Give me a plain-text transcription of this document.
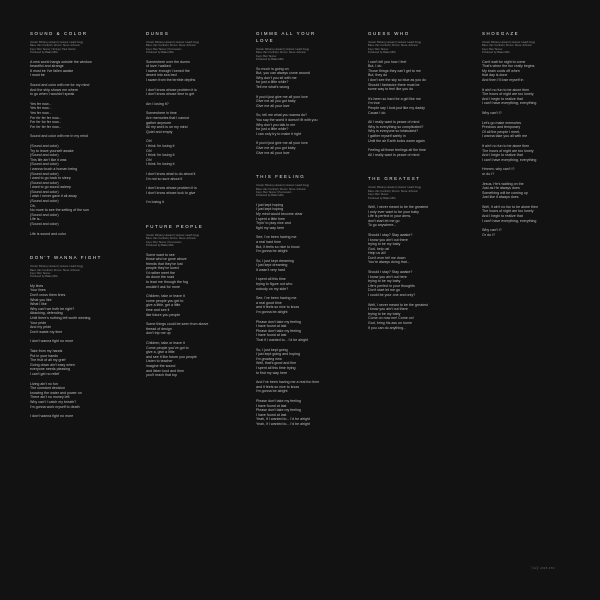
SOUND & COLOR
Vocals: Brittany Howard | Guitars: Heath Fogg
Bass: Zac Cockrell | Drums: Steve Johnson
Keys: Ben Tanner | Strings: Paul Horton
Produced by Blake Mills
A new world hangs outside the window
beautiful and strange
It must be I've fallen awake
I must be
Sound and color with me for my mind
And the ship shows me where
to go when I wouldn't speak
Yes fer now...
Yes fer now...
Yes fer now...
Fer fer fer fer now...
Fer fer for fer now...
Fer fer fer fer now...
Sound and color with me in my mind
(Sound and color)
Try to leave yourself awake
(Sound and color)
This life ain't like it was
(Sound and color)
I wanna touch a human being
(Sound and color)
I want to go back to sleep
(Sound and color)
I want to go sound asleep
(Sound and color)
I wish I never gave it all away
(Sound and color)
Oh,
No more to see the setting of the sun
(Sound and color)
Life is...
(Sound and color)
Life is sound and color
DON'T WANNA FIGHT
Vocals: Brittany Howard | Guitars: Heath Fogg
Bass: Zac Cockrell | Drums: Steve Johnson
Keys: Ben Tanner
Produced by Blake Mills
My lines
Your lines
Don't cross them lines
What you like
What I like
Why can't we both be right?
Attacking, defending
Until there's nothing left worth winning
Your pride
And my pride
Don't waste my time
I don't wanna fight no more
Take from my hands
Put in your hands
The fruit of all my grief
Going down ain't easy when
everyone needs pleasing
I can't get no relief
Living ain't no fun
The constant decision
knowing the water and power on
There ain't no money left
Why can't I catch my breath?
I'm gonna work myself to death
I don't wanna fight no more
DUNES
Vocals: Brittany Howard | Guitars: Heath Fogg
Bass: Zac Cockrell | Drums: Steve Johnson
Keys: Ben Tanner | Percussion
Produced by Blake Mills
Somewhere over the dunes
of love I walked
I swear enough I turned the
desert into sea bed
I swam from the terrible depths
I don't know whose problem it is
I don't know whose time to get
Am I losing it?
Somewhere in time
Are memories that I cannot
gather anymore
All my work is on my mind
Quiet and empty
Oh!
I think I'm losing it
Oh!
I think I'm losing it
Oh!
I think I'm losing it
I don't know what to do about it
I'm not so sure about it
I don't know whose problem it is
I don't know whose luck to give
I'm losing it
FUTURE PEOPLE
Vocals: Brittany Howard | Guitars: Heath Fogg
Bass: Zac Cockrell | Drums: Steve Johnson
Keys: Ben Tanner | Percussion
Produced by Blake Mills
Some want to see
those who've gone above
friends that they've lost
people they've loved
I'd rather meet the
do doom the road
to lead me through the fog
wouldn't ask for more
Children, take or leave it
come people you get to
give a little, get a little
time and see it
like future you people
Some things could be seen from above
thread of design
don't trip me up
Children, take or leave it
Come people you've got to
give a, give a little
and see it like future you people
Listen to teacher
imagine the sound
and listen loud and then
you'll reach that top
GIMME ALL YOUR LOVE
Vocals: Brittany Howard | Guitars: Heath Fogg
Bass: Zac Cockrell | Drums: Steve Johnson
Keys: Ben Tanner
Produced by Blake Mills
So much is going on
But, you can always come around
Why don't you sit with me
for just a little while?
Tell me what's wrong
If you'd just give me all your love
Give me all you got baby
Give me all your love
So, tell me what you wanna do?
You say the world it doesn't fit with you
Why don't you talk to me
for just a little while?
I can only try to make it right
If you'd just give me all your love
Give me all you got baby
Give me all your love
THIS FEELING
Vocals: Brittany Howard | Guitars: Heath Fogg
Bass: Zac Cockrell | Drums: Steve Johnson
Keys: Ben Tanner | Percussion
Produced by Blake Mills
I just kept hoping
I just kept hoping
My mind would become clear
I spent a little time
Tryin' to play nice and
fight my way here
See, I've been having me
a real hard time
But, it feels so nice to know
I'm gonna be alright
So, I just kept dreaming
I just kept dreaming
It wasn't very hard
I spent all this time
trying to figure out who
nobody on my side?
See, I've been having me
a real good time
and it feels so nice to know
I'm gonna be alright
Please don't take my feeling
I have found at last
Please don't take my feeling
I have found at last
That if I wanted to... I'd be alright
So, I just kept going
I just kept going and hoping
I'm growing new
Well, that's good and fine
I spent all this time trying
to find my way here
And I've been having me a real fun time
and it feels so nice to know
I'm gonna be alright
Please don't take my feeling
I have found at last
Please don't take my feeling
I have found at last
Yeah, if I wanted to... I'd be alright
Yeah, if I wanted to... I'd be alright
GUESS WHO
Vocals: Brittany Howard | Guitars: Heath Fogg
Bass: Zac Cockrell | Drums: Steve Johnson
Keys: Ben Tanner
Produced by Blake Mills
I can't tell you how I feel
But, I do
Those things they can't get to me
But, they do
I don't see the sky so blue as you do
Should I fantasize there must be
some way to feel like you do
It's been so hard for a girl like me
I'm true
People say I look just like my daddy
Cause I do
All I really want is peace of mind
Why is everything so complicated?
Why is everyone so infatuated?
I gather myself safely in
Until the air Earth looks warm again
Feeling all these feelings all the time
All I really want is peace of mind
THE GREATEST
Vocals: Brittany Howard | Guitars: Heath Fogg
Bass: Zac Cockrell | Drums: Steve Johnson
Keys: Ben Tanner
Produced by Blake Mills
Well, I never meant to be the greatest
I only ever want to be your baby
Life is perfect in your arms,
don't start let me go
To go anywhere...
Should I stay? Stay awake?
I know you ain't out there
trying to be my baby
God, help us!
Help us all!
Don't ever tell me down
You're always doing that...
Should I stay? Stay awake?
I know you ain't out here
trying to be my baby
Life's perfect in your thoughts
Don't start let me go
I could be your one and only?
Well, I never meant to be the greatest
I know you ain't out there
trying to be my baby
Come on now me! Come on!
God, bring his ass on home
If you can do anything...
SHOEGAZE
Vocals: Brittany Howard | Guitars: Heath Fogg
Bass: Zac Cockrell | Drums: Steve Johnson
Keys: Ben Tanner
Produced by Blake Mills
Can't wait for night to come
That's when the fun really begins
My brain cools off when
that day is done
And then I'll lose myself in
It ain't no fun to be alone then
The hours of night are too lonely
And I begin to realize that
I can't have everything, everything
Why can't I?
Let's go make memories
Precious and temporary
Of all the people I meet,
I wanna take you all with me
It ain't no fun to be alone then
The hours of night are too lonely
And I begin to realize that
I can't have everything, everything
Hmmm, why can't I?
or do I?
Jesus, He's waiting on the
Just as He always does
Something will be coming up
Just like it always does
Well, it ain't no fun to be alone then
The hours of night are too lonely
And I begin to realize that
I can't have everything, everything
Why can't I?
Or do I?
ⓒ&ⓟ 2015 ATO
